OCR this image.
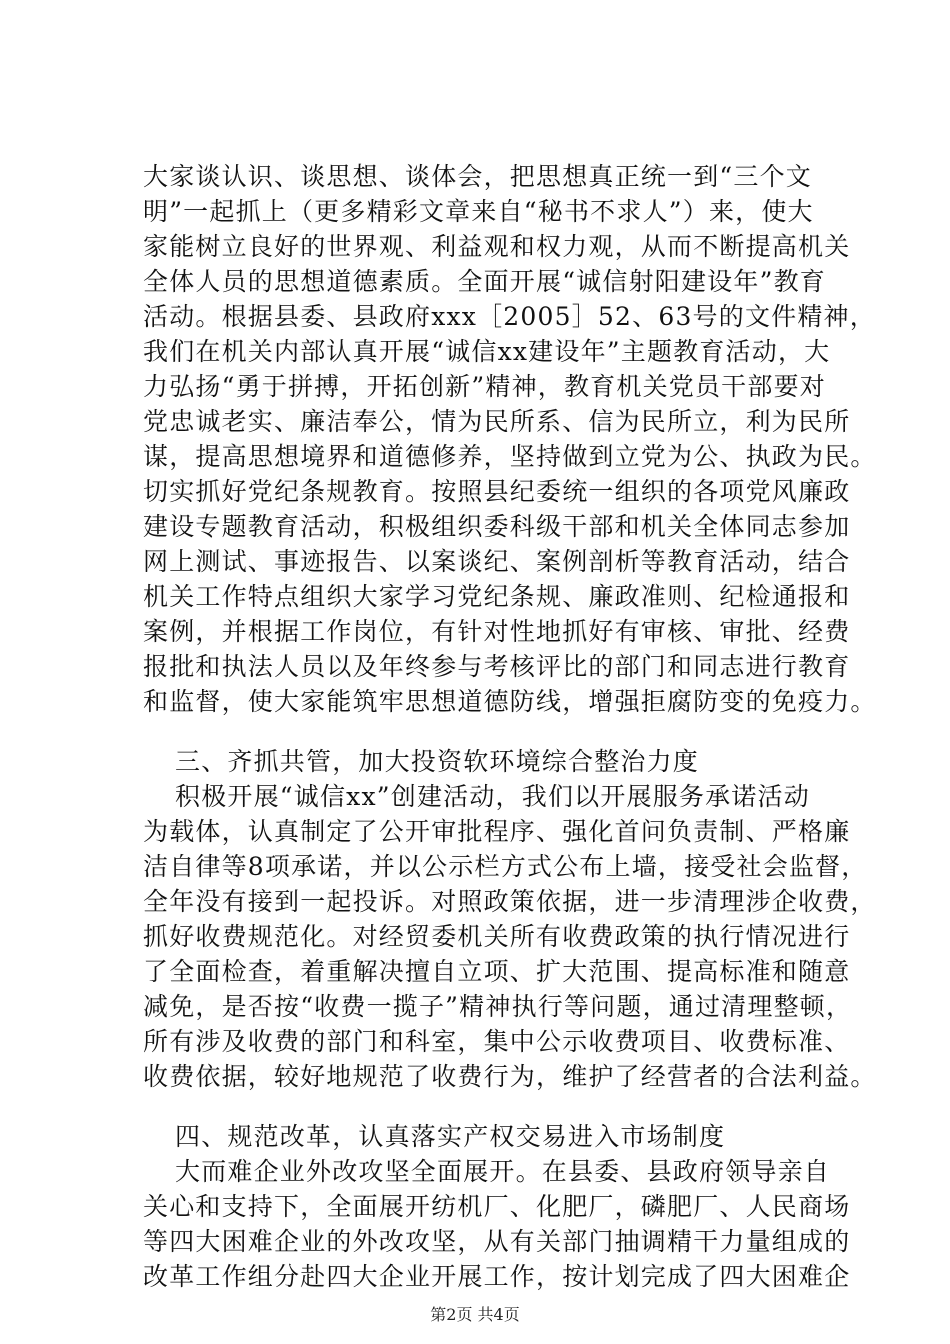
大家谈认识、谈思想、谈体会，把思想真正统一到“三个文
明”一起抓上（更多精彩文章来自“秘书不求人”）来，使大
家能树立良好的世界观、利益观和权力观，从而不断提高机关
全体人员的思想道德素质。全面开展“诚信射阳建设年”教育
活动。根据县委、县政府xxx［2005］52、63号的文件精神，
我们在机关内部认真开展“诚信xx建设年”主题教育活动，大
力弘扬“勇于拼搏，开拓创新”精神，教育机关党员干部要对
党忠诚老实、廉洁奉公，情为民所系、信为民所立，利为民所
谋，提高思想境界和道德修养，坚持做到立党为公、执政为民。
切实抓好党纪条规教育。按照县纪委统一组织的各项党风廉政
建设专题教育活动，积极组织委科级干部和机关全体同志参加
网上测试、事迹报告、以案谈纪、案例剖析等教育活动，结合
机关工作特点组织大家学习党纪条规、廉政准则、纪检通报和
案例，并根据工作岗位，有针对性地抓好有审核、审批、经费
报批和执法人员以及年终参与考核评比的部门和同志进行教育
和监督，使大家能筑牢思想道德防线，增强拒腐防变的免疫力。
三、齐抓共管，加大投资软环境综合整治力度
积极开展“诚信xx”创建活动，我们以开展服务承诺活动
为载体，认真制定了公开审批程序、强化首问负责制、严格廉
洁自律等8项承诺，并以公示栏方式公布上墙，接受社会监督，
全年没有接到一起投诉。对照政策依据，进一步清理涉企收费，
抓好收费规范化。对经贸委机关所有收费政策的执行情况进行
了全面检查，着重解决擅自立项、扩大范围、提高标准和随意
减免，是否按“收费一揽子”精神执行等问题，通过清理整顿，
所有涉及收费的部门和科室，集中公示收费项目、收费标准、
收费依据，较好地规范了收费行为，维护了经营者的合法利益。
四、规范改革，认真落实产权交易进入市场制度
大而难企业外改攻坚全面展开。在县委、县政府领导亲自
关心和支持下，全面展开纺机厂、化肥厂，磷肥厂、人民商场
等四大困难企业的外改攻坚，从有关部门抽调精干力量组成的
改革工作组分赴四大企业开展工作，按计划完成了四大困难企
第2页 共4页
